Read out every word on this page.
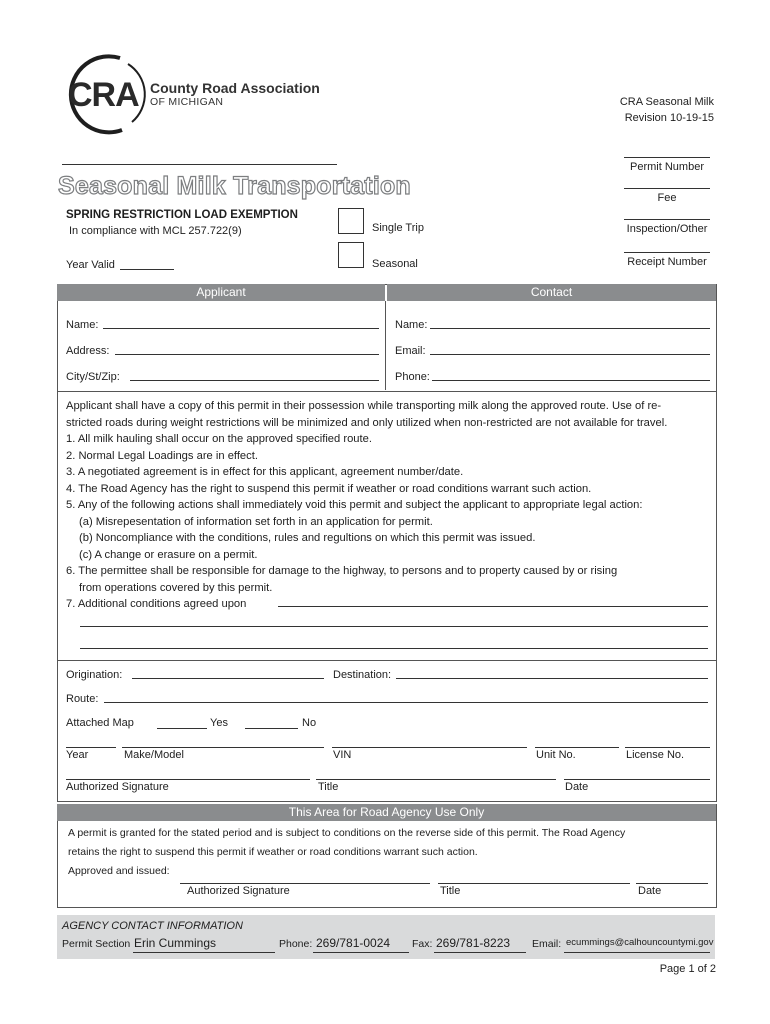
CRA County Road Association
OF MICHIGAN	CRA Seasonal Milk
Revision 10-19-15
Seasonal Milk Transportation
SPRING RESTRICTION LOAD EXEMPTION
In compliance with MCL 257.722(9)
Year Valid
Single Trip
Seasonal
Permit Number
Fee
Inspection/Other
Receipt Number
Applicant	Contact
Name:
Address:
City/St/Zip:
Name:
Email:
Phone:
Applicant shall have a copy of this permit in their possession while transporting milk along the approved route. Use of re-
stricted roads during weight restrictions will be minimized and only utilized when non-restricted are not available for travel.
1. All milk hauling shall occur on the approved specified route.
2. Normal Legal Loadings are in effect.
3. A negotiated agreement is in effect for this applicant, agreement number/date.
4. The Road Agency has the right to suspend this permit if weather or road conditions warrant such action.
5. Any of the following actions shall immediately void this permit and subject the applicant to appropriate legal action:
(a) Misrepesentation of information set forth in an application for permit.
(b) Noncompliance with the conditions, rules and regultions on which this permit was issued.
(c) A change or erasure on a permit.
6. The permittee shall be responsible for damage to the highway, to persons and to property caused by or rising
from operations covered by this permit.
7. Additional conditions agreed upon
Origination:	Destination:
Route:
Attached Map	Yes	No
Year	Make/Model	VIN	Unit No.	License No.
Authorized Signature	Title	Date
This Area for Road Agency Use Only
A permit is granted for the stated period and is subject to conditions on the reverse side of this permit. The Road Agency
retains the right to suspend this permit if weather or road conditions warrant such action.
Approved and issued:
Authorized Signature	Title	Date
AGENCY CONTACT INFORMATION
Permit Section Erin Cummings	Phone: 269/781-0024 Fax: 269/781-8223 Email: ecummings@calhouncountymi.gov
Page 1 of 2
